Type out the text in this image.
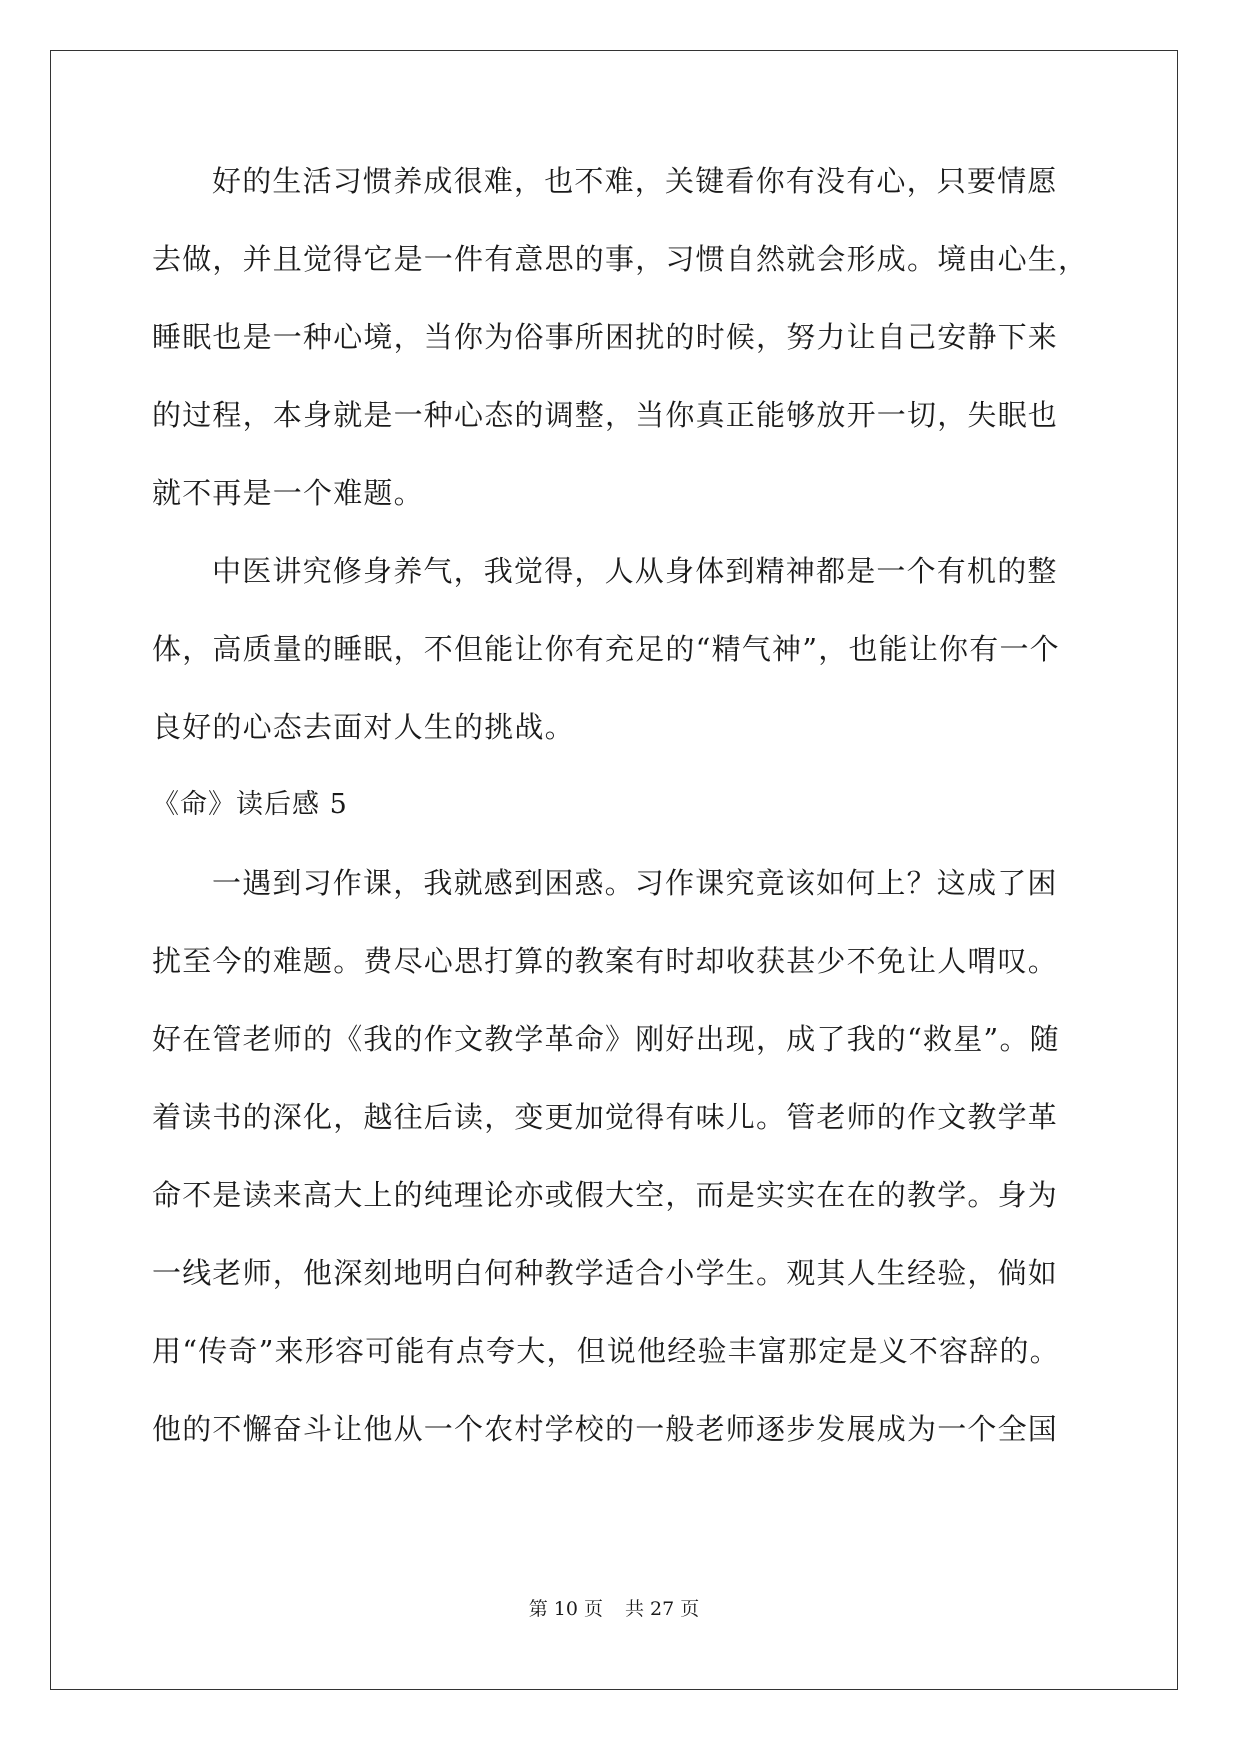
好的生活习惯养成很难，也不难，关键看你有没有心，只要情愿
去做，并且觉得它是一件有意思的事，习惯自然就会形成。境由心生，
睡眠也是一种心境，当你为俗事所困扰的时候，努力让自己安静下来
的过程，本身就是一种心态的调整，当你真正能够放开一切，失眠也
就不再是一个难题。
中医讲究修身养气，我觉得，人从身体到精神都是一个有机的整
体，高质量的睡眠，不但能让你有充足的“精气神”，也能让你有一个
良好的心态去面对人生的挑战。
《命》读后感 5
一遇到习作课，我就感到困惑。习作课究竟该如何上？这成了困
扰至今的难题。费尽心思打算的教案有时却收获甚少不免让人喟叹。
好在管老师的《我的作文教学革命》刚好出现，成了我的“救星”。随
着读书的深化，越往后读，变更加觉得有味儿。管老师的作文教学革
命不是读来高大上的纯理论亦或假大空，而是实实在在的教学。身为
一线老师，他深刻地明白何种教学适合小学生。观其人生经验，倘如
用“传奇”来形容可能有点夸大，但说他经验丰富那定是义不容辞的。
他的不懈奋斗让他从一个农村学校的一般老师逐步发展成为一个全国
第 10 页 共 27 页
